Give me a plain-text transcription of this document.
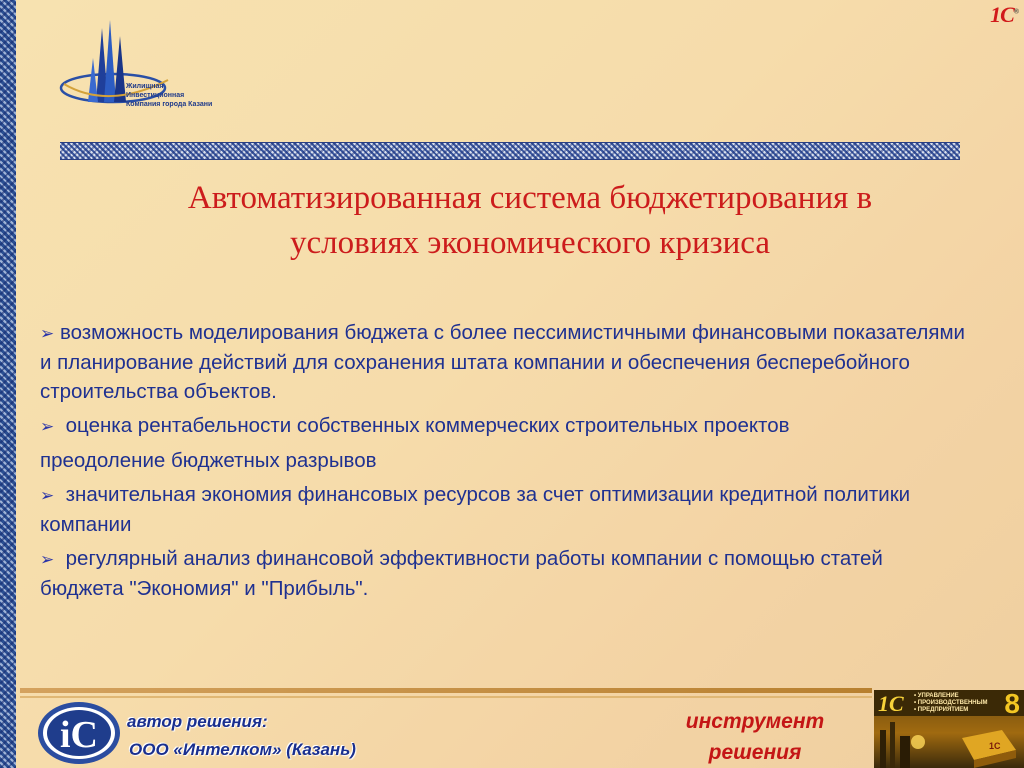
Жилищная
Инвестиционная
Компания города Казани
1С®
Автоматизированная система бюджетирования в
условиях экономического кризиса

➢ возможность моделирования бюджета с более пессимистичными финансовыми показателями и планирование действий для сохранения штата компании и обеспечения бесперебойного строительства объектов.

➢ оценка рентабельности собственных коммерческих строительных проектов

преодоление бюджетных разрывов

➢ значительная экономия финансовых ресурсов за счет оптимизации кредитной политики компании

➢ регулярный анализ финансовой эффективности работы компании с помощью статей бюджета "Экономия" и "Прибыль".

iC автор решения:
ООО «Интелком» (Казань)
инструмент
решения
1С • УПРАВЛЕНИЕ
• ПРОИЗВОДСТВЕННЫМ
• ПРЕДПРИЯТИЕМ	8
1C
